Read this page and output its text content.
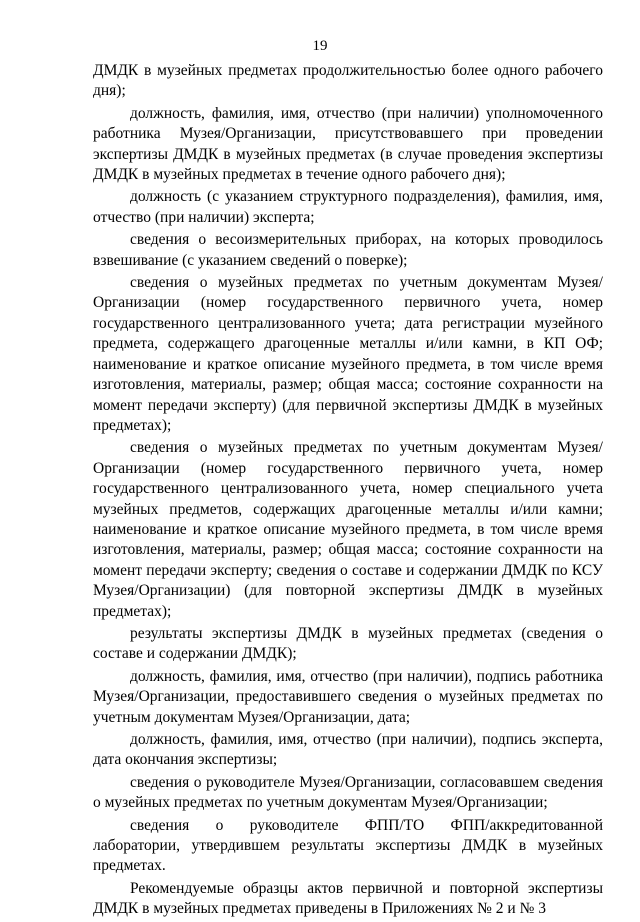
19

ДМДК в музейных предметах продолжительностью более одного рабочего дня);

должность, фамилия, имя, отчество (при наличии) уполномоченного работника Музея/Организации, присутствовавшего при проведении экспертизы ДМДК в музейных предметах (в случае проведения экспертизы ДМДК в музейных предметах в течение одного рабочего дня);

должность (с указанием структурного подразделения), фамилия, имя, отчество (при наличии) эксперта;

сведения о весоизмерительных приборах, на которых проводилось взвешивание (с указанием сведений о поверке);

сведения о музейных предметах по учетным документам Музея/Организации (номер государственного первичного учета, номер государственного централизованного учета; дата регистрации музейного предмета, содержащего драгоценные металлы и/или камни, в КП ОФ; наименование и краткое описание музейного предмета, в том числе время изготовления, материалы, размер; общая масса; состояние сохранности на момент передачи эксперту) (для первичной экспертизы ДМДК в музейных предметах);

сведения о музейных предметах по учетным документам Музея/Организации (номер государственного первичного учета, номер государственного централизованного учета, номер специального учета музейных предметов, содержащих драгоценные металлы и/или камни; наименование и краткое описание музейного предмета, в том числе время изготовления, материалы, размер; общая масса; состояние сохранности на момент передачи эксперту; сведения о составе и содержании ДМДК по КСУ Музея/Организации) (для повторной экспертизы ДМДК в музейных предметах);

результаты экспертизы ДМДК в музейных предметах (сведения о составе и содержании ДМДК);

должность, фамилия, имя, отчество (при наличии), подпись работника Музея/Организации, предоставившего сведения о музейных предметах по учетным документам Музея/Организации, дата;

должность, фамилия, имя, отчество (при наличии), подпись эксперта, дата окончания экспертизы;

сведения о руководителе Музея/Организации, согласовавшем сведения о музейных предметах по учетным документам Музея/Организации;

сведения о руководителе ФПП/ТО ФПП/аккредитованной лаборатории, утвердившем результаты экспертизы ДМДК в музейных предметах.

Рекомендуемые образцы актов первичной и повторной экспертизы ДМДК в музейных предметах приведены в Приложениях № 2 и № 3
